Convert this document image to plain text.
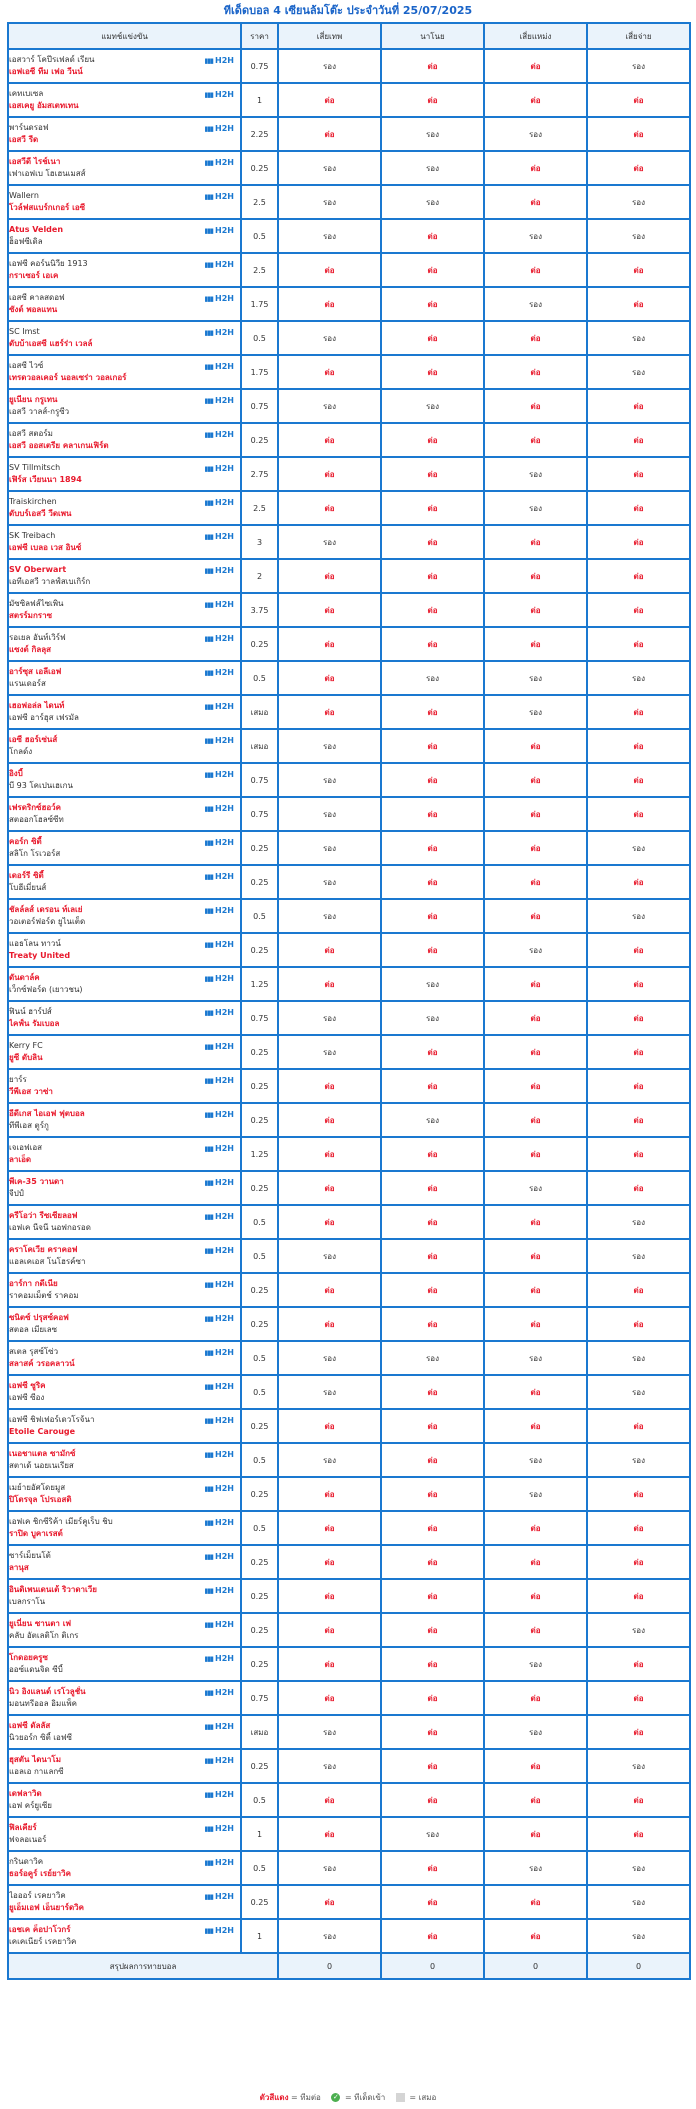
ทีเด็ดบอล 4 เซียนล้มโต๊ะ ประจำวันที่ 25/07/2025
แมทช์แข่งขัน	ราคา	เสี่ยเทพ	นาโนย	เสี่ยแหม่ง	เสี่ยจ่าย

เอสวาร์ โคปีรเฟลด์ เรียน
เอฟเอซี ทีม เฟอ วีนน์
▮▮▮ H2H	0.75	รอง	ต่อ	ต่อ	รอง

เคทเบเซล
เอสเคยู อัมสเตทเทน
▮▮▮ H2H	1	ต่อ	ต่อ	ต่อ	ต่อ

พาร์นดรอฟ
เอสวี รีด
▮▮▮ H2H	2.25	ต่อ	รอง	รอง	ต่อ

เอสวีดี ไรช์เนา
เฟาเอฟเบ โฮเฮนเมสส์
▮▮▮ H2H	0.25	รอง	รอง	ต่อ	ต่อ

Wallern
โวล์ฟสแบร์กเกอร์ เอซี
▮▮▮ H2H	2.5	รอง	รอง	ต่อ	รอง

Atus Velden
ฮ็อฟซีเดิล
▮▮▮ H2H	0.5	รอง	ต่อ	รอง	รอง

เอฟซี คอร์นนิวีย 1913
กราเซอร์ เอเค
▮▮▮ H2H	2.5	ต่อ	ต่อ	ต่อ	ต่อ

เอสซี คาลสดอฟ
ซังต์ พอลแทน
▮▮▮ H2H	1.75	ต่อ	ต่อ	รอง	ต่อ

SC Imst
ดับบ้าเอสซี แฮร์ร่า เวลล์
▮▮▮ H2H	0.5	รอง	ต่อ	ต่อ	รอง

เอสซี ไวซ์
เทรดวอลเคอร์ นอลเซร่า วอลเกอร์
▮▮▮ H2H	1.75	ต่อ	ต่อ	ต่อ	รอง

ยูเนียน กรูเทน
เอสวี วาลส์-กรูซีว
▮▮▮ H2H	0.75	รอง	รอง	ต่อ	ต่อ

เอสวี สตอร์ม
เอสวี ออสเตรีย คลาเกนเฟิร์ต
▮▮▮ H2H	0.25	ต่อ	ต่อ	ต่อ	ต่อ

SV Tillmitsch
เฟิร์ส เวียนนา 1894
▮▮▮ H2H	2.75	ต่อ	ต่อ	รอง	ต่อ

Traiskirchen
ดับบร์เอสวี วีดเพน
▮▮▮ H2H	2.5	ต่อ	ต่อ	รอง	ต่อ

SK Treibach
เอฟซี เบลอ เวส อินซ์
▮▮▮ H2H	3	รอง	ต่อ	ต่อ	ต่อ

SV Oberwart
เอทีเอสวี วาลฟ์สเบเกิร์ก
▮▮▮ H2H	2	ต่อ	ต่อ	ต่อ	ต่อ

มัซซิลฟส์ไซเพิน
สตรร์มกราซ
▮▮▮ H2H	3.75	ต่อ	ต่อ	ต่อ	ต่อ

รอเยล อันท์เวิร์ฟ
แซงต์ กิลลุส
▮▮▮ H2H	0.25	ต่อ	ต่อ	ต่อ	ต่อ

อาร์ซุส เอลีเอฟ
แรนเดอร์ส
▮▮▮ H2H	0.5	ต่อ	รอง	รอง	รอง

เฮอฟอล่ล ไดนท์
เอฟซี อาร์ฮุส เฟรมัล
▮▮▮ H2H	เสมอ	ต่อ	ต่อ	รอง	ต่อ

เอซี ฮอร์เซ่นส์
โกลด์ง
▮▮▮ H2H	เสมอ	รอง	ต่อ	ต่อ	ต่อ

อิงบี้
บี 93 โคเปนเฮเกน
▮▮▮ H2H	0.75	รอง	ต่อ	ต่อ	ต่อ

เฟรดริกซ์ฮอว์ค
สตออกโฮลซ์ซีท
▮▮▮ H2H	0.75	รอง	ต่อ	ต่อ	ต่อ

คอร์ก ซิตี้
สลิโก โรเวอร์ส
▮▮▮ H2H	0.25	รอง	ต่อ	ต่อ	รอง

เดอร์รี ซิตี้
โบฮีเมี่ยนส์
▮▮▮ H2H	0.25	รอง	ต่อ	ต่อ	ต่อ

ชัลล์ลส์ เดรอน ท์เลเย่
วอเตอร์ฟอร์ด ยูไนเต็ด
▮▮▮ H2H	0.5	รอง	ต่อ	ต่อ	รอง

แอธโลน ทาวน์
Treaty United
▮▮▮ H2H	0.25	ต่อ	ต่อ	รอง	ต่อ

ดันดาล์ค
เว็กซ์ฟอร์ด (เยาวชน)
▮▮▮ H2H	1.25	ต่อ	รอง	ต่อ	ต่อ

ฟินน์ ฮาร์ปส์
ไคฟ์น รัมเบอล
▮▮▮ H2H	0.75	รอง	รอง	ต่อ	ต่อ

Kerry FC
ยูซี ดับลิน
▮▮▮ H2H	0.25	รอง	ต่อ	ต่อ	ต่อ

ยาร์ร
วีพีเอส วาซ่า
▮▮▮ H2H	0.25	ต่อ	ต่อ	ต่อ	ต่อ

อีดีเกส ไอเอฟ ฟุตบอล
ทีพีเอส ตูร์กู
▮▮▮ H2H	0.25	ต่อ	รอง	ต่อ	ต่อ

เจเอฟเอส
ลาเอ็ด
▮▮▮ H2H	1.25	ต่อ	ต่อ	ต่อ	ต่อ

พีเค-35 วานดา
จีปป์
▮▮▮ H2H	0.25	ต่อ	ต่อ	รอง	ต่อ

ครีโอว่า รีซเซียลอฟ
เอฟเค นีจนี นอฟกอรอด
▮▮▮ H2H	0.5	ต่อ	ต่อ	ต่อ	รอง

คราโคเวีย คราคอฟ
แอลเคเอส โนโฮรค์ซา
▮▮▮ H2H	0.5	รอง	ต่อ	ต่อ	รอง

อาร์กา กดีเนีย
ราคอมเม็ตช์ ราคอม
▮▮▮ H2H	0.25	ต่อ	ต่อ	ต่อ	ต่อ

ซนิตซ์ ปรุสซ์คอฟ
สตอล เมียเลซ
▮▮▮ H2H	0.25	ต่อ	ต่อ	ต่อ	ต่อ

สเตล รุสซ์โซ่ว
สลาสค์ วรอคลาวน์
▮▮▮ H2H	0.5	รอง	รอง	รอง	รอง

เอฟซี ซูริค
เอฟซี ซีอง
▮▮▮ H2H	0.5	รอง	ต่อ	ต่อ	รอง

เอฟซี ชิฟเฟอร์เดวโรจ้นา
Etoile Carouge
▮▮▮ H2H	0.25	ต่อ	ต่อ	ต่อ	ต่อ

เนอชาแตล ซามักซ์
สตาเด้ นอยเนเรียส
▮▮▮ H2H	0.5	รอง	ต่อ	รอง	รอง

เมย์ายอัศโดยมูส
ปิโตรจุล โปรเอสติ
▮▮▮ H2H	0.25	ต่อ	ต่อ	รอง	ต่อ

เอฟเค ชิกซีริค้า เมียร์คูเร็บ ชิบ
ราปิด บูคาเรสต์
▮▮▮ H2H	0.5	ต่อ	ต่อ	ต่อ	ต่อ

ซาร์เม็ยนโต้
ลานุส
▮▮▮ H2H	0.25	ต่อ	ต่อ	ต่อ	ต่อ

อินดิเพนเดนเต้ ริวาดาเวีย
เบลกราโน
▮▮▮ H2H	0.25	ต่อ	ต่อ	ต่อ	ต่อ

ยูเนี่ยน ซานตา เฟ
คลับ อัตเลติโก ติเกร
▮▮▮ H2H	0.25	ต่อ	ต่อ	ต่อ	รอง

โกดอยครูซ
ออซ์แดนจิด ซีบี้
▮▮▮ H2H	0.25	ต่อ	ต่อ	รอง	ต่อ

นิว อิงแลนด์ เรโวลูชั่น
มอนทรีออล อิมแพ็ค
▮▮▮ H2H	0.75	ต่อ	ต่อ	ต่อ	ต่อ

เอฟซี ดัลลัส
นิวยอร์ก ซิตี้ เอฟซี
▮▮▮ H2H	เสมอ	รอง	ต่อ	รอง	ต่อ

ฮุสตัน ไดนาโม
แอลเอ กาแลกซี
▮▮▮ H2H	0.25	รอง	ต่อ	ต่อ	รอง

เดฟลาวิด
เอฟ คร์ยูเซีย
▮▮▮ H2H	0.5	ต่อ	ต่อ	ต่อ	ต่อ

ฟิลเคียร์
ฟจลอเนอร์
▮▮▮ H2H	1	ต่อ	รอง	ต่อ	ต่อ

กรินดาวิค
ธอร์อคูร์ เรย์ยาวิค
▮▮▮ H2H	0.5	รอง	ต่อ	รอง	รอง

ไอออร์ เรคยาวิค
ยูเอ็มเอฟ เอ็นยาร์ดวิค
▮▮▮ H2H	0.25	ต่อ	ต่อ	ต่อ	รอง

เอชเค ค็อปาโวกร์
เคเคเนียร์ เรคยาวิค
▮▮▮ H2H	1	รอง	ต่อ	ต่อ	รอง
สรุปผลการทายบอล		0	0	0	0
ตัวสีแดง = ทีมต่อ ✓ = ทีเด็ดเข้า	= เสมอ
